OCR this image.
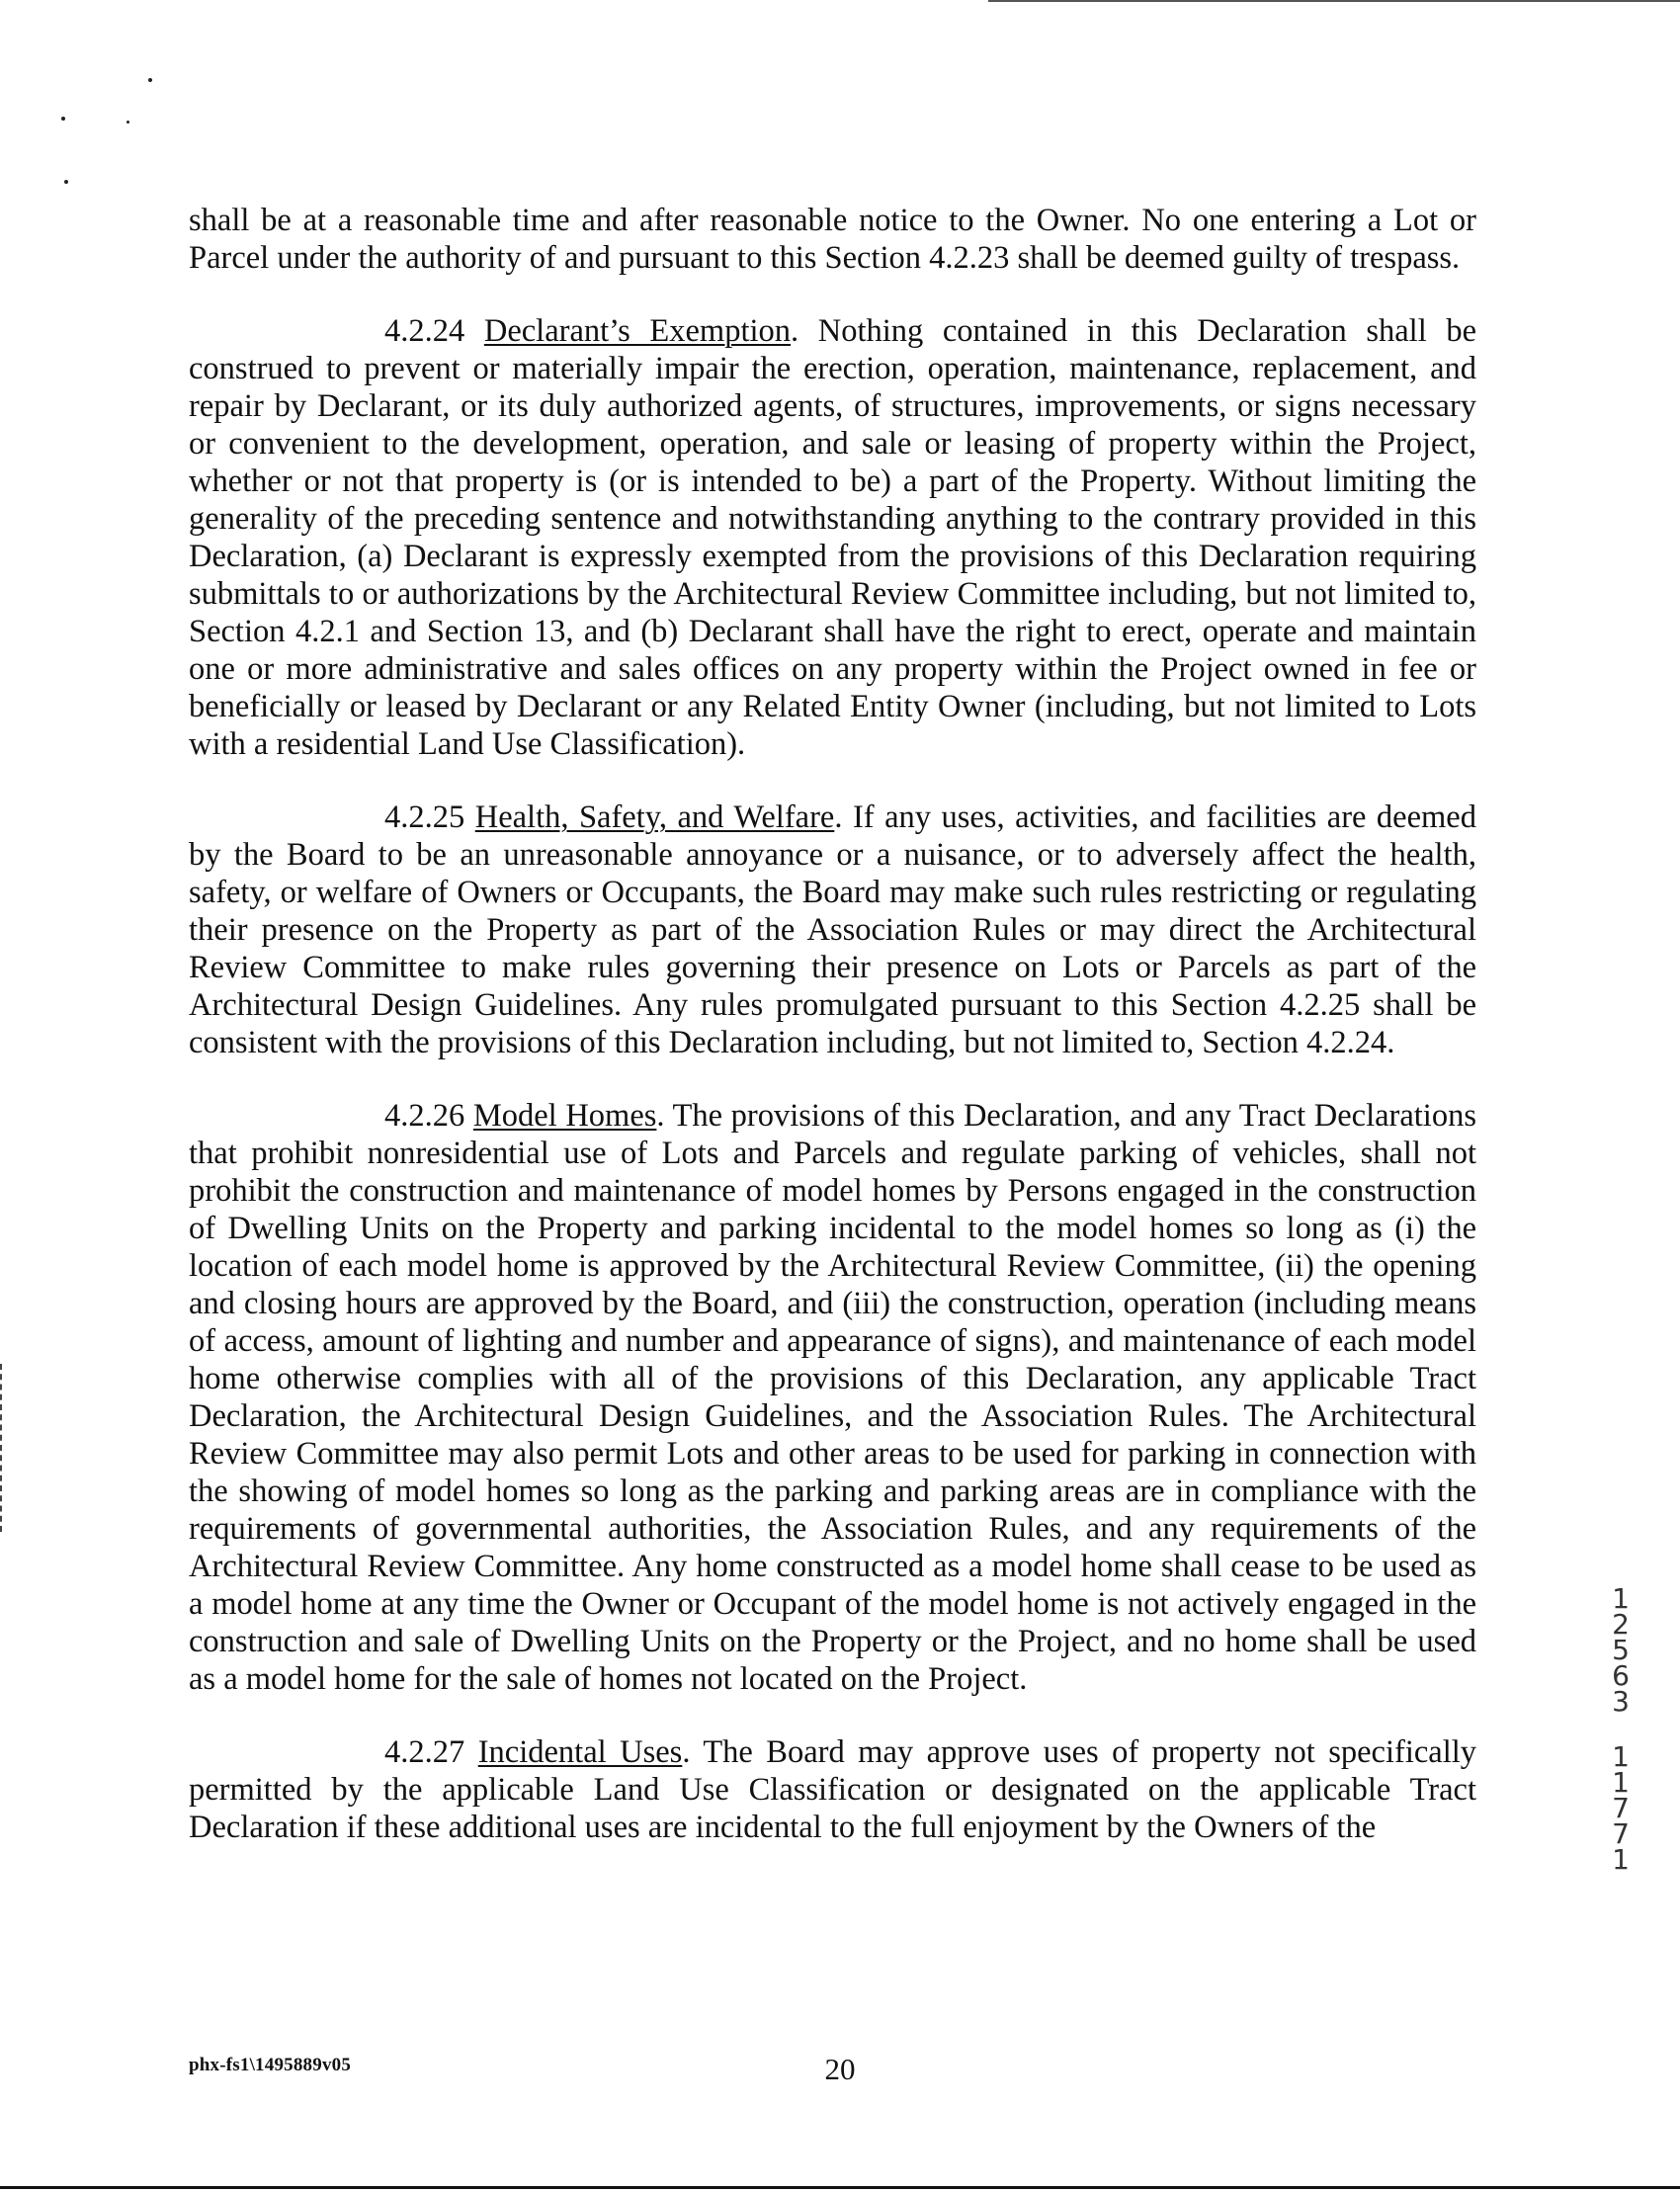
shall be at a reasonable time and after reasonable notice to the Owner. No one entering a Lot or Parcel under the authority of and pursuant to this Section 4.2.23 shall be deemed guilty of trespass.

4.2.24 Declarant’s Exemption. Nothing contained in this Declaration shall be construed to prevent or materially impair the erection, operation, maintenance, replacement, and repair by Declarant, or its duly authorized agents, of structures, improvements, or signs necessary or convenient to the development, operation, and sale or leasing of property within the Project, whether or not that property is (or is intended to be) a part of the Property. Without limiting the generality of the preceding sentence and notwithstanding anything to the contrary provided in this Declaration, (a) Declarant is expressly exempted from the provisions of this Declaration requiring submittals to or authorizations by the Architectural Review Committee including, but not limited to, Section 4.2.1 and Section 13, and (b) Declarant shall have the right to erect, operate and maintain one or more administrative and sales offices on any property within the Project owned in fee or beneficially or leased by Declarant or any Related Entity Owner (including, but not limited to Lots with a residential Land Use Classification).

4.2.25 Health, Safety, and Welfare. If any uses, activities, and facilities are deemed by the Board to be an unreasonable annoyance or a nuisance, or to adversely affect the health, safety, or welfare of Owners or Occupants, the Board may make such rules restricting or regulating their presence on the Property as part of the Association Rules or may direct the Architectural Review Committee to make rules governing their presence on Lots or Parcels as part of the Architectural Design Guidelines. Any rules promulgated pursuant to this Section 4.2.25 shall be consistent with the provisions of this Declaration including, but not limited to, Section 4.2.24.

4.2.26 Model Homes. The provisions of this Declaration, and any Tract Declarations that prohibit nonresidential use of Lots and Parcels and regulate parking of vehicles, shall not prohibit the construction and maintenance of model homes by Persons engaged in the construction of Dwelling Units on the Property and parking incidental to the model homes so long as (i) the location of each model home is approved by the Architectural Review Committee, (ii) the opening and closing hours are approved by the Board, and (iii) the construction, operation (including means of access, amount of lighting and number and appearance of signs), and maintenance of each model home otherwise complies with all of the provisions of this Declaration, any applicable Tract Declaration, the Architectural Design Guidelines, and the Association Rules. The Architectural Review Committee may also permit Lots and other areas to be used for parking in connection with the showing of model homes so long as the parking and parking areas are in compliance with the requirements of governmental authorities, the Association Rules, and any requirements of the Architectural Review Committee. Any home constructed as a model home shall cease to be used as a model home at any time the Owner or Occupant of the model home is not actively engaged in the construction and sale of Dwelling Units on the Property or the Project, and no home shall be used as a model home for the sale of homes not located on the Project.

4.2.27 Incidental Uses. The Board may approve uses of property not specifically permitted by the applicable Land Use Classification or designated on the applicable Tract Declaration if these additional uses are incidental to the full enjoyment by the Owners of the

1
2
5
6
3
1
1
7
7
1
phx-fs1\1495889v05	20
